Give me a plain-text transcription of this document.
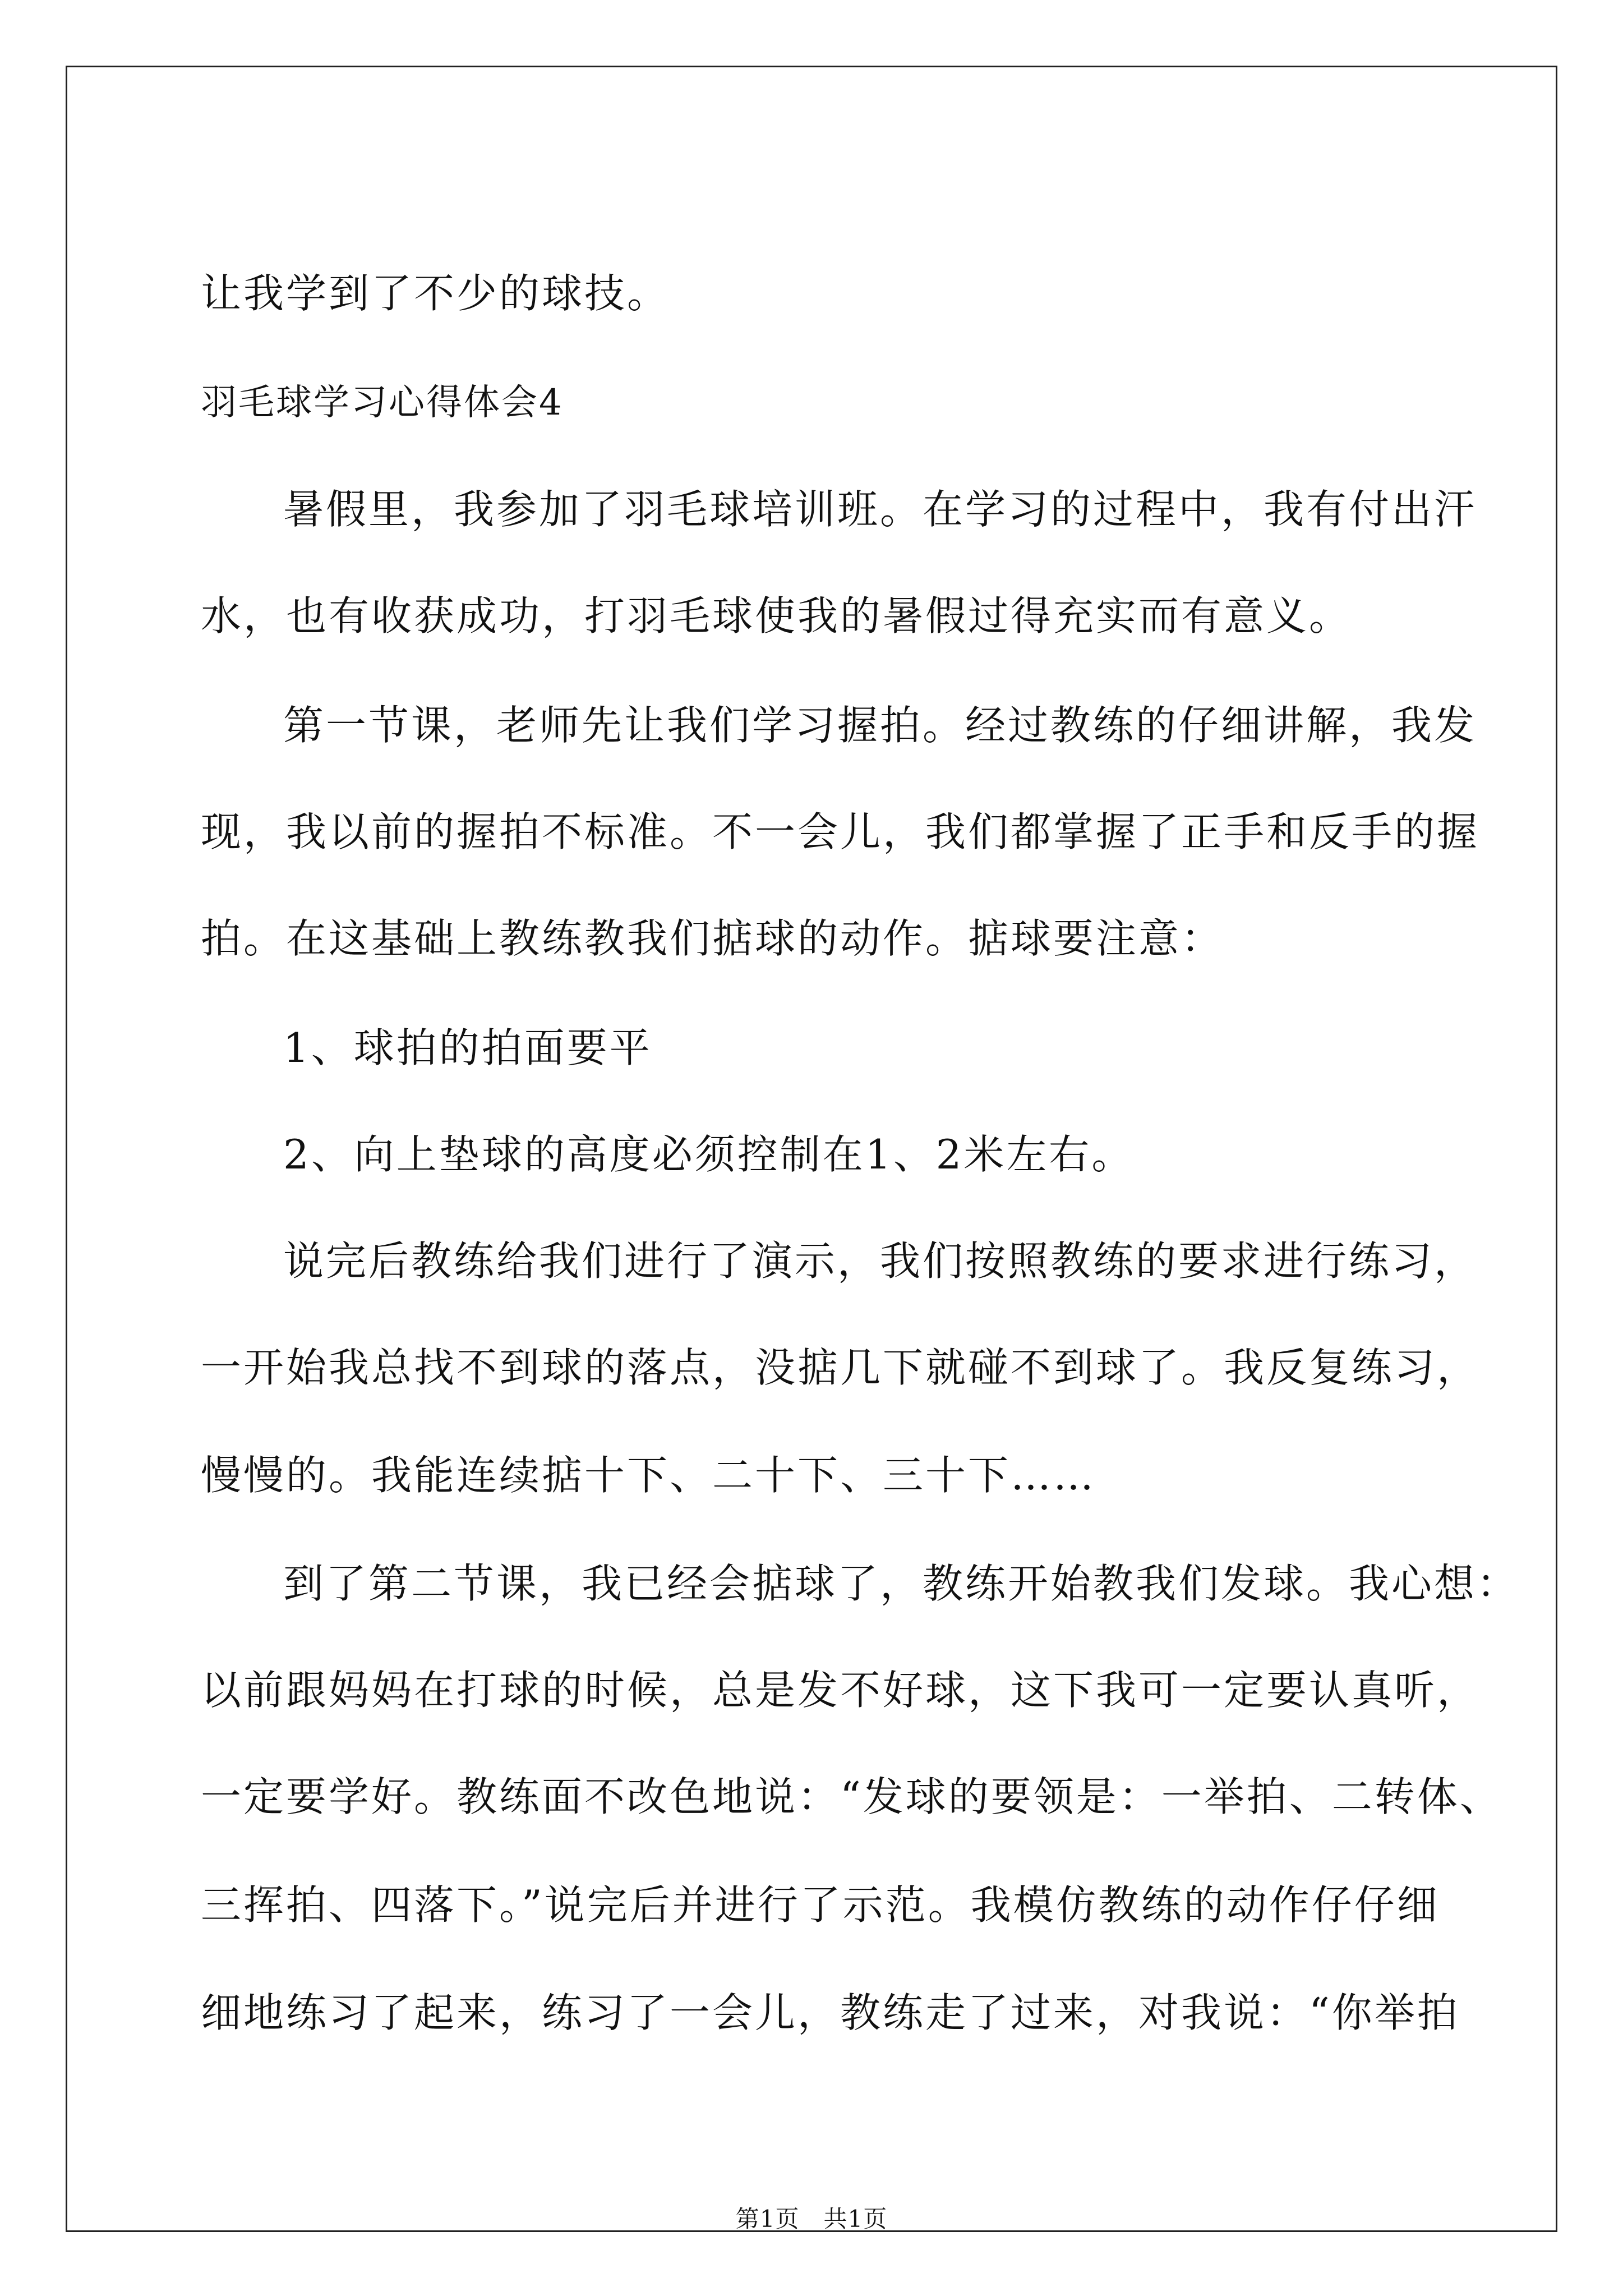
让我学到了不少的球技。
羽毛球学习心得体会4
暑假里，我参加了羽毛球培训班。在学习的过程中，我有付出汗
水，也有收获成功，打羽毛球使我的暑假过得充实而有意义。
第一节课，老师先让我们学习握拍。经过教练的仔细讲解，我发
现，我以前的握拍不标准。不一会儿，我们都掌握了正手和反手的握
拍。在这基础上教练教我们掂球的动作。掂球要注意：
1、球拍的拍面要平
2、向上垫球的高度必须控制在1、2米左右。
说完后教练给我们进行了演示，我们按照教练的要求进行练习，
一开始我总找不到球的落点，没掂几下就碰不到球了。我反复练习，
慢慢的。我能连续掂十下、二十下、三十下……
到了第二节课，我已经会掂球了，教练开始教我们发球。我心想：
以前跟妈妈在打球的时候，总是发不好球，这下我可一定要认真听，
一定要学好。教练面不改色地说：“发球的要领是：一举拍、二转体、
三挥拍、四落下。”说完后并进行了示范。我模仿教练的动作仔仔细
细地练习了起来，练习了一会儿，教练走了过来，对我说：“你举拍
第1页　共1页
